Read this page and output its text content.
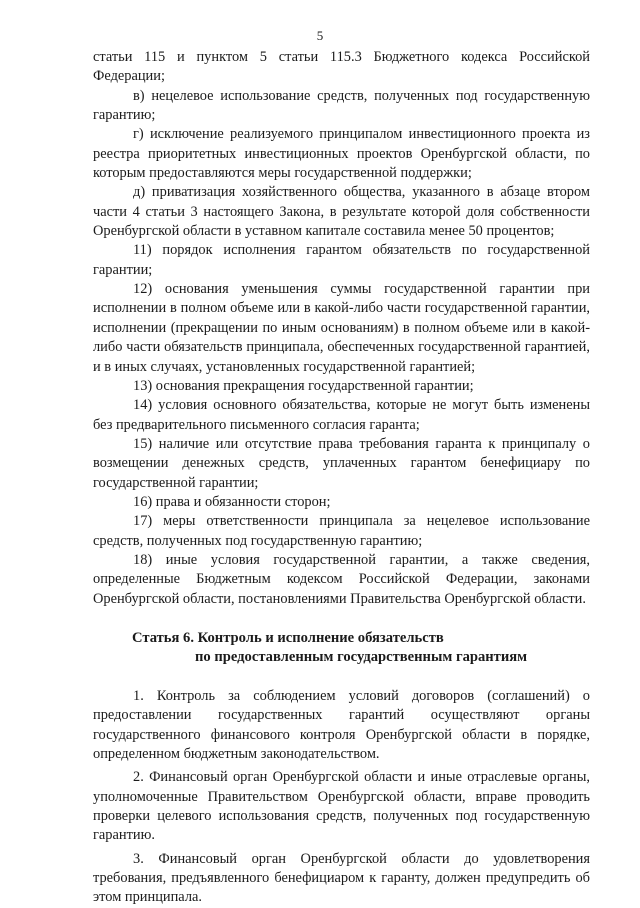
5

статьи 115 и пунктом 5 статьи 115.3 Бюджетного кодекса Российской Федерации;

в) нецелевое использование средств, полученных под государственную гарантию;

г) исключение реализуемого принципалом инвестиционного проекта из реестра приоритетных инвестиционных проектов Оренбургской области, по которым предоставляются меры государственной поддержки;

д) приватизация хозяйственного общества, указанного в абзаце втором части 4 статьи 3 настоящего Закона, в результате которой доля собственности Оренбургской области в уставном капитале составила менее 50 процентов;

11) порядок исполнения гарантом обязательств по государственной гарантии;

12) основания уменьшения суммы государственной гарантии при исполнении в полном объеме или в какой-либо части государственной гарантии, исполнении (прекращении по иным основаниям) в полном объеме или в какой-либо части обязательств принципала, обеспеченных государственной гарантией, и в иных случаях, установленных государственной гарантией;

13) основания прекращения государственной гарантии;

14) условия основного обязательства, которые не могут быть изменены без предварительного письменного согласия гаранта;

15) наличие или отсутствие права требования гаранта к принципалу о возмещении денежных средств, уплаченных гарантом бенефициару по государственной гарантии;

16) права и обязанности сторон;

17) меры ответственности принципала за нецелевое использование средств, полученных под государственную гарантию;

18) иные условия государственной гарантии, а также сведения, определенные Бюджетным кодексом Российской Федерации, законами Оренбургской области, постановлениями Правительства Оренбургской области.

Статья 6. Контроль и исполнение обязательств
по предоставленным государственным гарантиям

1. Контроль за соблюдением условий договоров (соглашений) о предоставлении государственных гарантий осуществляют органы государственного финансового контроля Оренбургской области в порядке, определенном бюджетным законодательством.

2. Финансовый орган Оренбургской области и иные отраслевые органы, уполномоченные Правительством Оренбургской области, вправе проводить проверки целевого использования средств, полученных под государственную гарантию.

3. Финансовый орган Оренбургской области до удовлетворения требования, предъявленного бенефициаром к гаранту, должен предупредить об этом принципала.
